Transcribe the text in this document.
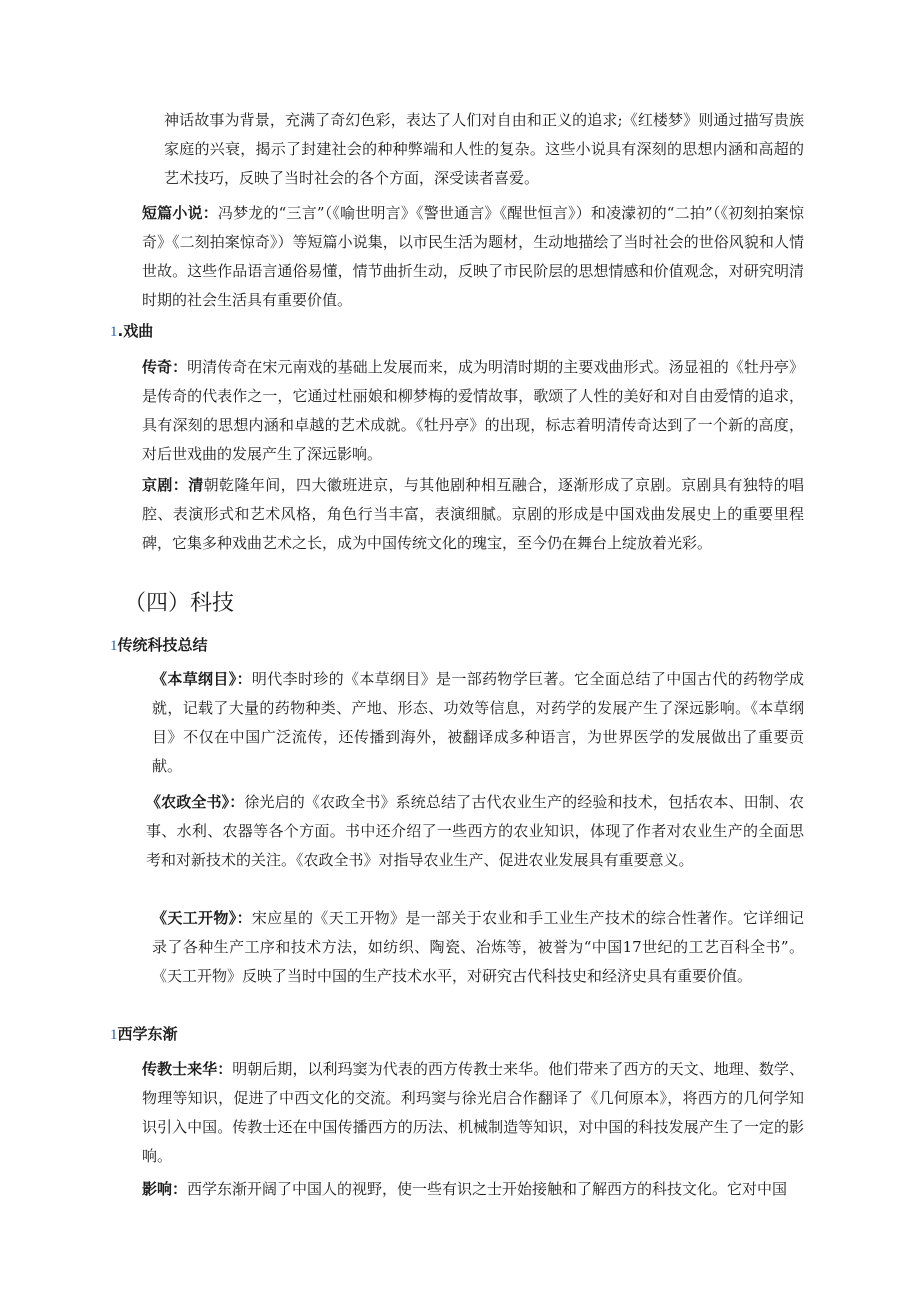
神话故事为背景，充满了奇幻色彩，表达了人们对自由和正义的追求;《红楼梦》则通过描写贵族家庭的兴衰，揭示了封建社会的种种弊端和人性的复杂。这些小说具有深刻的思想内涵和高超的艺术技巧，反映了当时社会的各个方面，深受读者喜爱。

短篇小说：冯梦龙的“三言”（《喻世明言》《警世通言》《醒世恒言》）和凌濛初的“二拍”（《初刻拍案惊奇》《二刻拍案惊奇》）等短篇小说集，以市民生活为题材，生动地描绘了当时社会的世俗风貌和人情世故。这些作品语言通俗易懂，情节曲折生动，反映了市民阶层的思想情感和价值观念，对研究明清时期的社会生活具有重要价值。

1.戏曲

传奇：明清传奇在宋元南戏的基础上发展而来，成为明清时期的主要戏曲形式。汤显祖的《牡丹亭》是传奇的代表作之一，它通过杜丽娘和柳梦梅的爱情故事，歌颂了人性的美好和对自由爱情的追求，具有深刻的思想内涵和卓越的艺术成就。《牡丹亭》的出现，标志着明清传奇达到了一个新的高度，对后世戏曲的发展产生了深远影响。

京剧：清朝乾隆年间，四大徽班进京，与其他剧种相互融合，逐渐形成了京剧。京剧具有独特的唱腔、表演形式和艺术风格，角色行当丰富，表演细腻。京剧的形成是中国戏曲发展史上的重要里程碑，它集多种戏曲艺术之长，成为中国传统文化的瑰宝，至今仍在舞台上绽放着光彩。

（四）科技
1传统科技总结

《本草纲目》：明代李时珍的《本草纲目》是一部药物学巨著。它全面总结了中国古代的药物学成就，记载了大量的药物种类、产地、形态、功效等信息，对药学的发展产生了深远影响。《本草纲目》不仅在中国广泛流传，还传播到海外，被翻译成多种语言，为世界医学的发展做出了重要贡献。

《农政全书》：徐光启的《农政全书》系统总结了古代农业生产的经验和技术，包括农本、田制、农事、水利、农器等各个方面。书中还介绍了一些西方的农业知识，体现了作者对农业生产的全面思考和对新技术的关注。《农政全书》对指导农业生产、促进农业发展具有重要意义。

《天工开物》：宋应星的《天工开物》是一部关于农业和手工业生产技术的综合性著作。它详细记录了各种生产工序和技术方法，如纺织、陶瓷、冶炼等，被誉为“中国17世纪的工艺百科全书”。《天工开物》反映了当时中国的生产技术水平，对研究古代科技史和经济史具有重要价值。

1西学东渐

传教士来华：明朝后期，以利玛窦为代表的西方传教士来华。他们带来了西方的天文、地理、数学、物理等知识，促进了中西文化的交流。利玛窦与徐光启合作翻译了《几何原本》，将西方的几何学知识引入中国。传教士还在中国传播西方的历法、机械制造等知识，对中国的科技发展产生了一定的影响。

影响：西学东渐开阔了中国人的视野，使一些有识之士开始接触和了解西方的科技文化。它对中国
